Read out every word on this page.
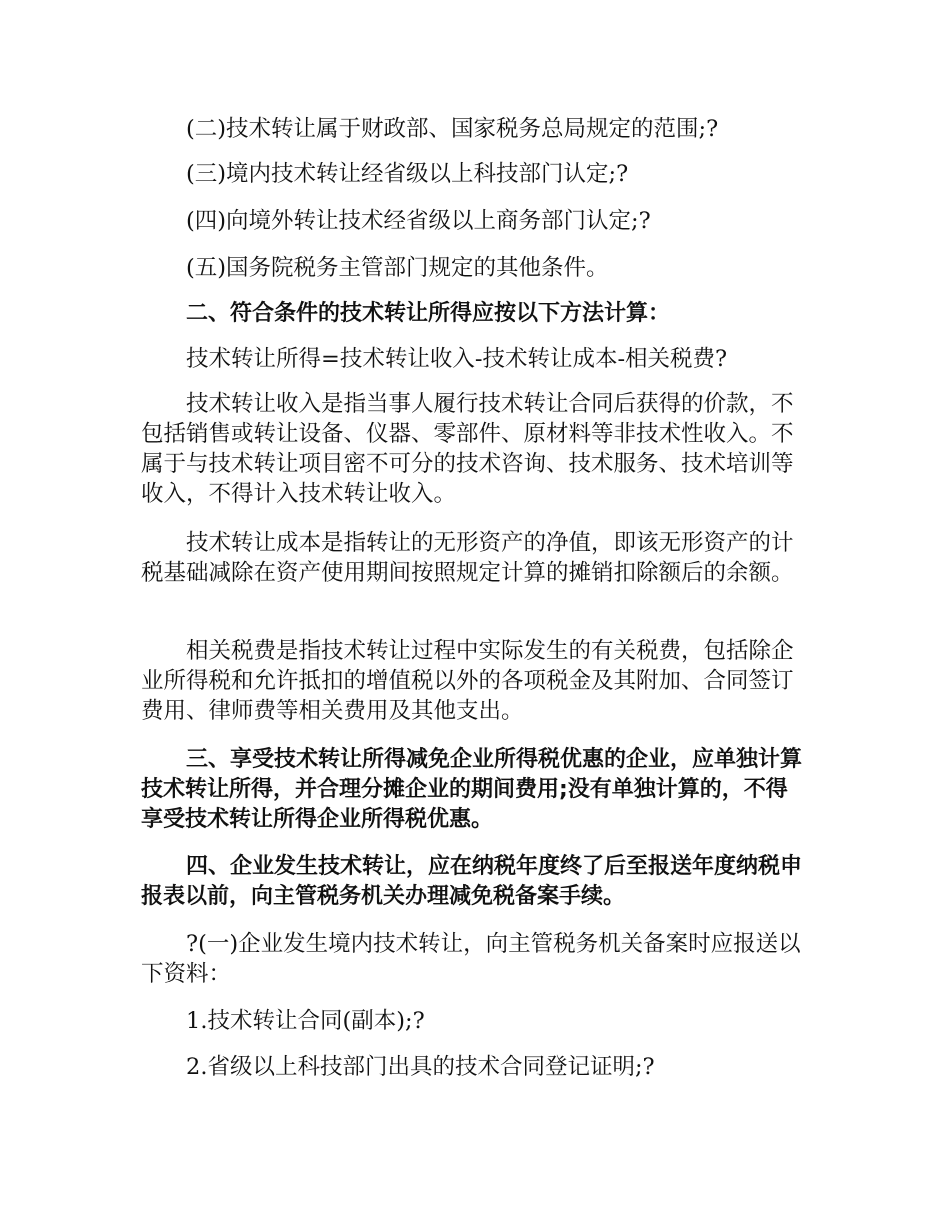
(二)技术转让属于财政部、国家税务总局规定的范围;?

(三)境内技术转让经省级以上科技部门认定;?

(四)向境外转让技术经省级以上商务部门认定;?

(五)国务院税务主管部门规定的其他条件。

二、符合条件的技术转让所得应按以下方法计算：

技术转让所得=技术转让收入-技术转让成本-相关税费?

技术转让收入是指当事人履行技术转让合同后获得的价款，不包括销售或转让设备、仪器、零部件、原材料等非技术性收入。不属于与技术转让项目密不可分的技术咨询、技术服务、技术培训等收入，不得计入技术转让收入。

技术转让成本是指转让的无形资产的净值，即该无形资产的计税基础减除在资产使用期间按照规定计算的摊销扣除额后的余额。

相关税费是指技术转让过程中实际发生的有关税费，包括除企业所得税和允许抵扣的增值税以外的各项税金及其附加、合同签订费用、律师费等相关费用及其他支出。

三、享受技术转让所得减免企业所得税优惠的企业，应单独计算技术转让所得，并合理分摊企业的期间费用;没有单独计算的，不得享受技术转让所得企业所得税优惠。

四、企业发生技术转让，应在纳税年度终了后至报送年度纳税申报表以前，向主管税务机关办理减免税备案手续。

?(一)企业发生境内技术转让，向主管税务机关备案时应报送以下资料：

1.技术转让合同(副本);?

2.省级以上科技部门出具的技术合同登记证明;?
